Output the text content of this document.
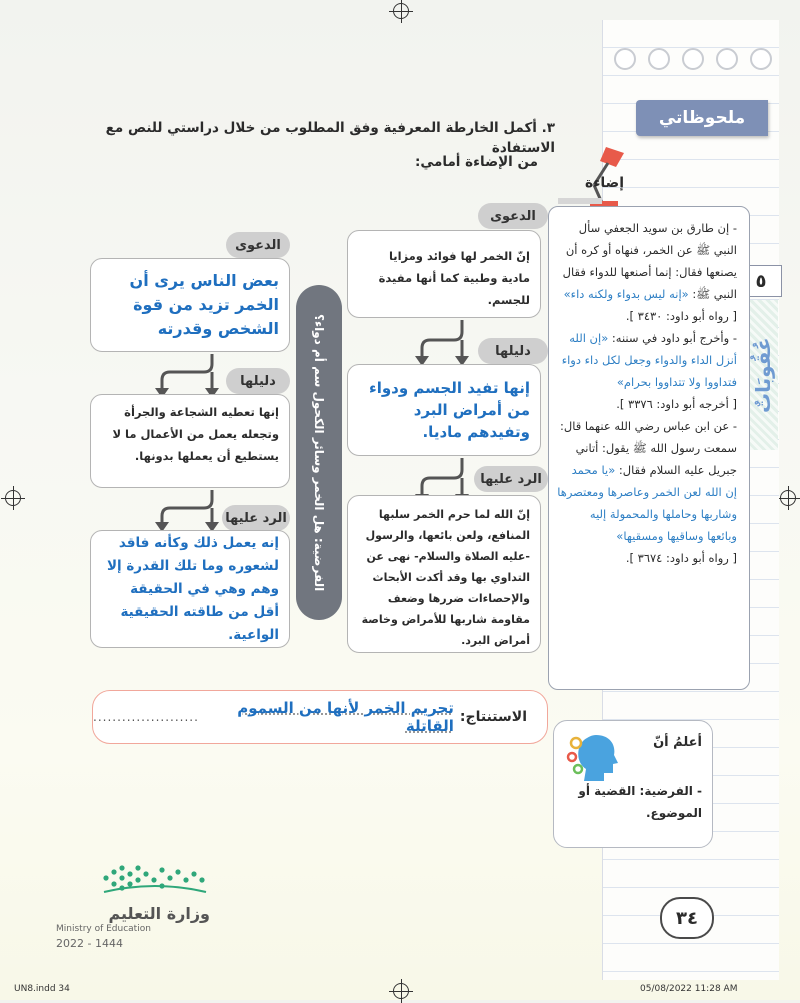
ملحوظاتي
٥
عُقُوبَاتٌ
٣. أكمل الخارطة المعرفية وفق المطلوب من خلال دراستي للنص مع الاستفادة
من الإضاءة أمامي:
إضاءة
- إن طارق بن سويد الجعفي سأل النبي ﷺ عن الخمر، فنهاه أو كره أن يصنعها فقال: إنما أصنعها للدواء فقال النبي ﷺ: «إنه ليس بدواء ولكنه داء»
[ رواه أبو داود: ٣٤٣٠ ].
- وأخرج أبو داود في سننه: «إن الله أنزل الداء والدواء وجعل لكل داء دواء فتداووا ولا تتداووا بحرام»
[ أخرجه أبو داود: ٣٣٧٦ ].
- عن ابن عباس رضي الله عنهما قال: سمعت رسول الله ﷺ يقول: أتاني جبريل عليه السلام فقال: «يا محمد إن الله لعن الخمر وعاصرها ومعتصرها وشاربها وحاملها والمحمولة إليه وبائعها وساقيها ومسقيها»
[ رواه أبو داود: ٣٦٧٤ ].
أعلمُ أنّ
- الفرضية: القضية أو الموضوع.
الدعوى
إنّ الخمر لها فوائد ومزايا مادية وطبية كما أنها مفيدة للجسم.
دليلها
إنها تفيد الجسم ودواء من أمراض البرد وتفيدهم ماديا.
الرد عليها
إنّ الله لما حرم الخمر سلبها المنافع، ولعن بائعها، والرسول -عليه الصلاة والسلام- نهى عن التداوي بها وقد أكدت الأبحاث والإحصاءات ضررها وضعف مقاومة شاربها للأمراض وخاصة أمراض البرد.
الفرضية: هل الخمر وسائر الكحول سم أم دواء؟
الدعوى
بعض الناس يرى أن الخمر تزيد من قوة الشخص وقدرته
دليلها
إنها تعطيه الشجاعة والجرأة وتجعله يعمل من الأعمال ما لا يستطيع أن يعملها بدونها.
الرد عليها
إنه يعمل ذلك وكأنه فاقد لشعوره وما تلك القدرة إلا وهم وهي في الحقيقة أقل من طاقته الحقيقية الواعية.
الاستنتاج:
تحريم الخمر لأنها من السموم القاتلة
......................
وزارة التعليم
Ministry of Education
2022 - 1444
٣٤
UN8.indd 34	05/08/2022 11:28 AM
